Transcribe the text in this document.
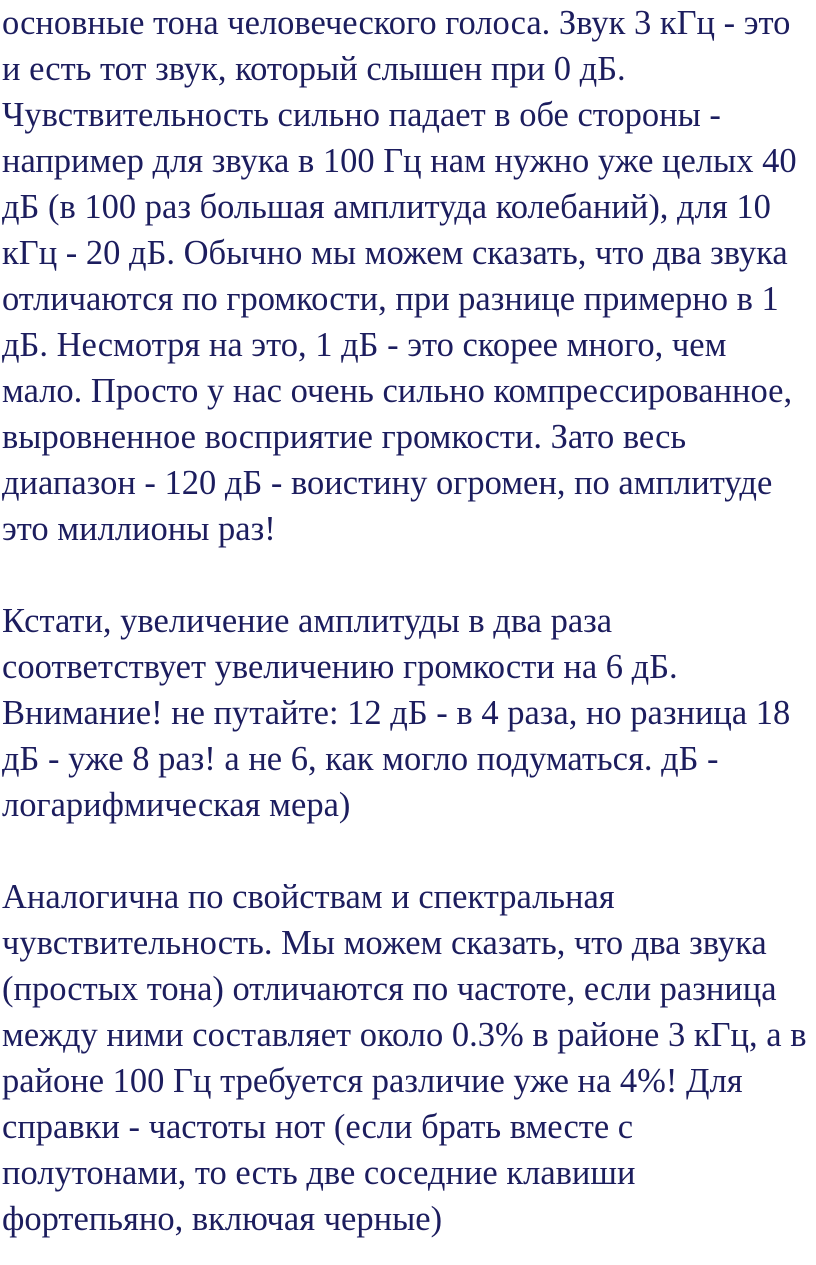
основные тона человеческого голоса. Звук 3 кГц - это
и есть тот звук, который слышен при 0 дБ.
Чувствительность сильно падает в обе стороны -
например для звука в 100 Гц нам нужно уже целых 40
дБ (в 100 раз большая амплитуда колебаний), для 10
кГц - 20 дБ. Обычно мы можем сказать, что два звука
отличаются по громкости, при разнице примерно в 1
дБ. Несмотря на это, 1 дБ - это скорее много, чем
мало. Просто у нас очень сильно компрессированное,
выровненное восприятие громкости. Зато весь
диапазон - 120 дБ - воистину огромен, по амплитуде
это миллионы раз!
Кстати, увеличение амплитуды в два раза
соответствует увеличению громкости на 6 дБ.
Внимание! не путайте: 12 дБ - в 4 раза, но разница 18
дБ - уже 8 раз! а не 6, как могло подуматься. дБ -
логарифмическая мера)
Аналогична по свойствам и спектральная
чувствительность. Мы можем сказать, что два звука
(простых тона) отличаются по частоте, если разница
между ними составляет около 0.3% в районе 3 кГц, а в
районе 100 Гц требуется различие уже на 4%! Для
справки - частоты нот (если брать вместе с
полутонами, то есть две соседние клавиши
фортепьяно, включая черные)
